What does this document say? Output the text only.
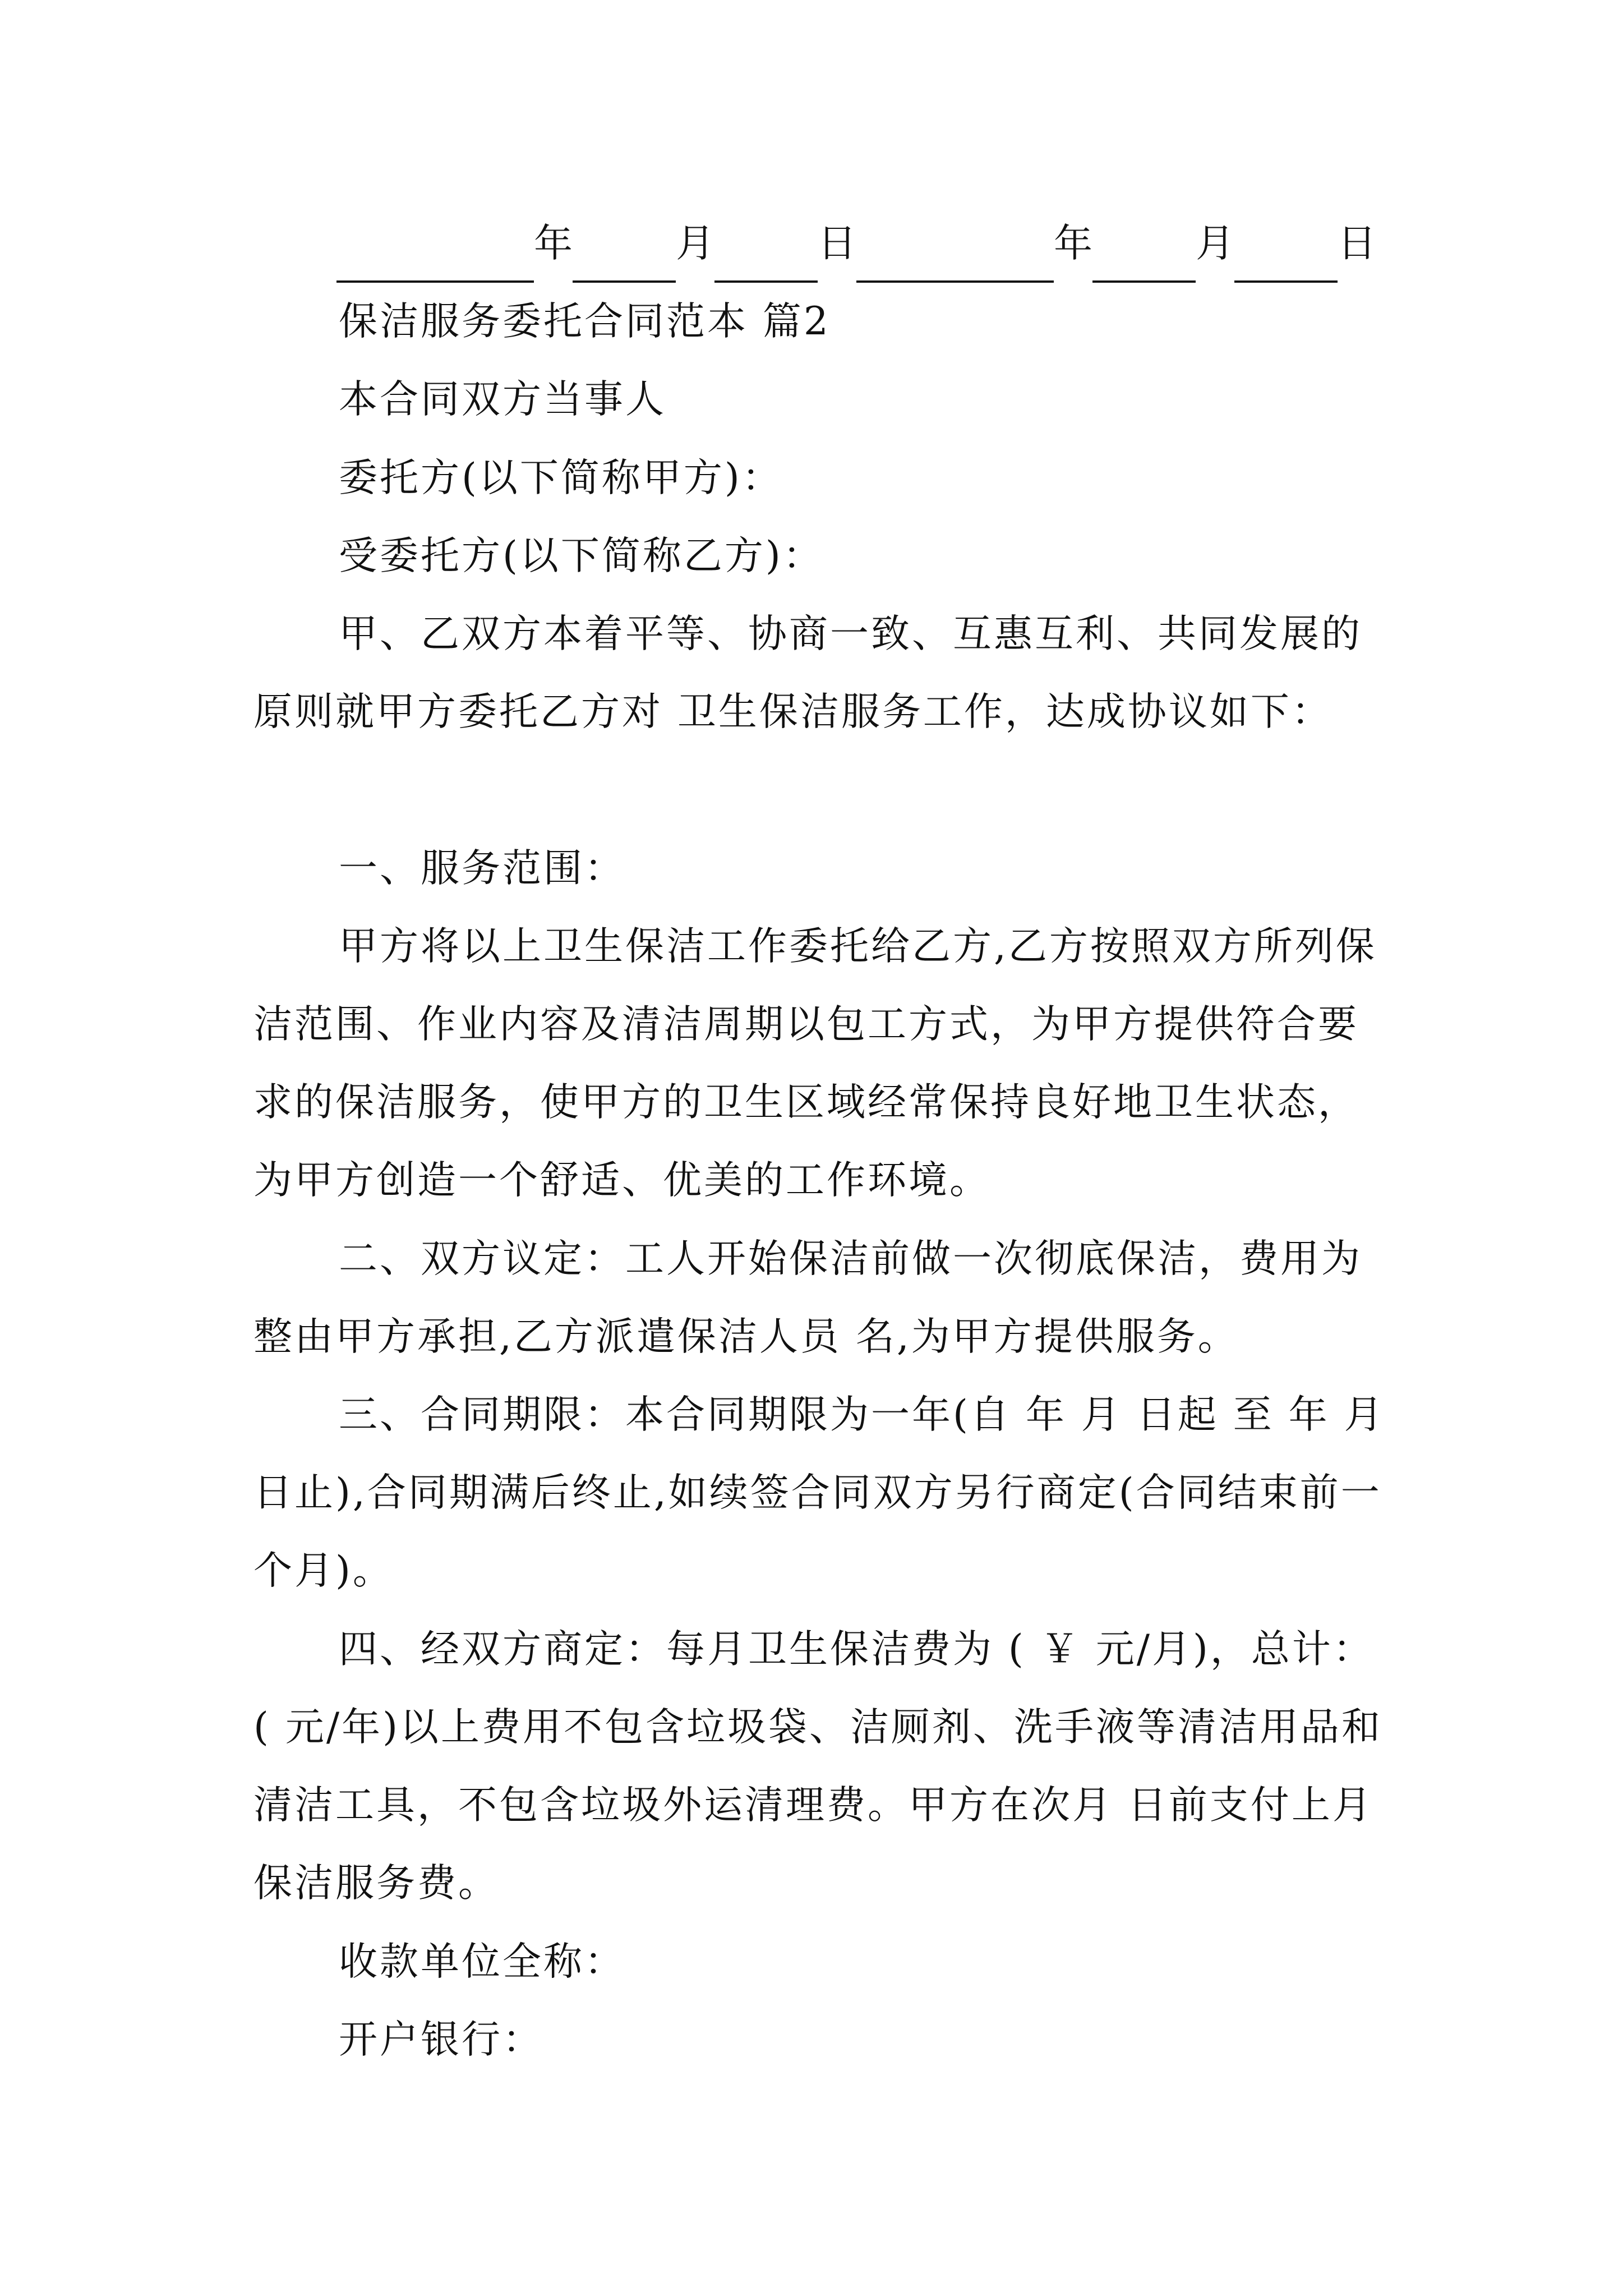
年	月	日	年	月	日
保洁服务委托合同范本 篇2
本合同双方当事人
委托方(以下简称甲方)：
受委托方(以下简称乙方)：
甲、乙双方本着平等、协商一致、互惠互利、共同发展的原则就甲方委托乙方对 卫生保洁服务工作，达成协议如下：
一、服务范围：
甲方将以上卫生保洁工作委托给乙方,乙方按照双方所列保洁范围、作业内容及清洁周期以包工方式，为甲方提供符合要求的保洁服务，使甲方的卫生区域经常保持良好地卫生状态，为甲方创造一个舒适、优美的工作环境。
二、双方议定：工人开始保洁前做一次彻底保洁，费用为 整由甲方承担,乙方派遣保洁人员 名,为甲方提供服务。
三、合同期限：本合同期限为一年(自 年 月 日起 至 年 月 日止),合同期满后终止,如续签合同双方另行商定(合同结束前一个月)。
四、经双方商定：每月卫生保洁费为 ( ￥ 元/月)，总计：( 元/年)以上费用不包含垃圾袋、洁厕剂、洗手液等清洁用品和清洁工具，不包含垃圾外运清理费。甲方在次月 日前支付上月保洁服务费。
收款单位全称：
开户银行：
